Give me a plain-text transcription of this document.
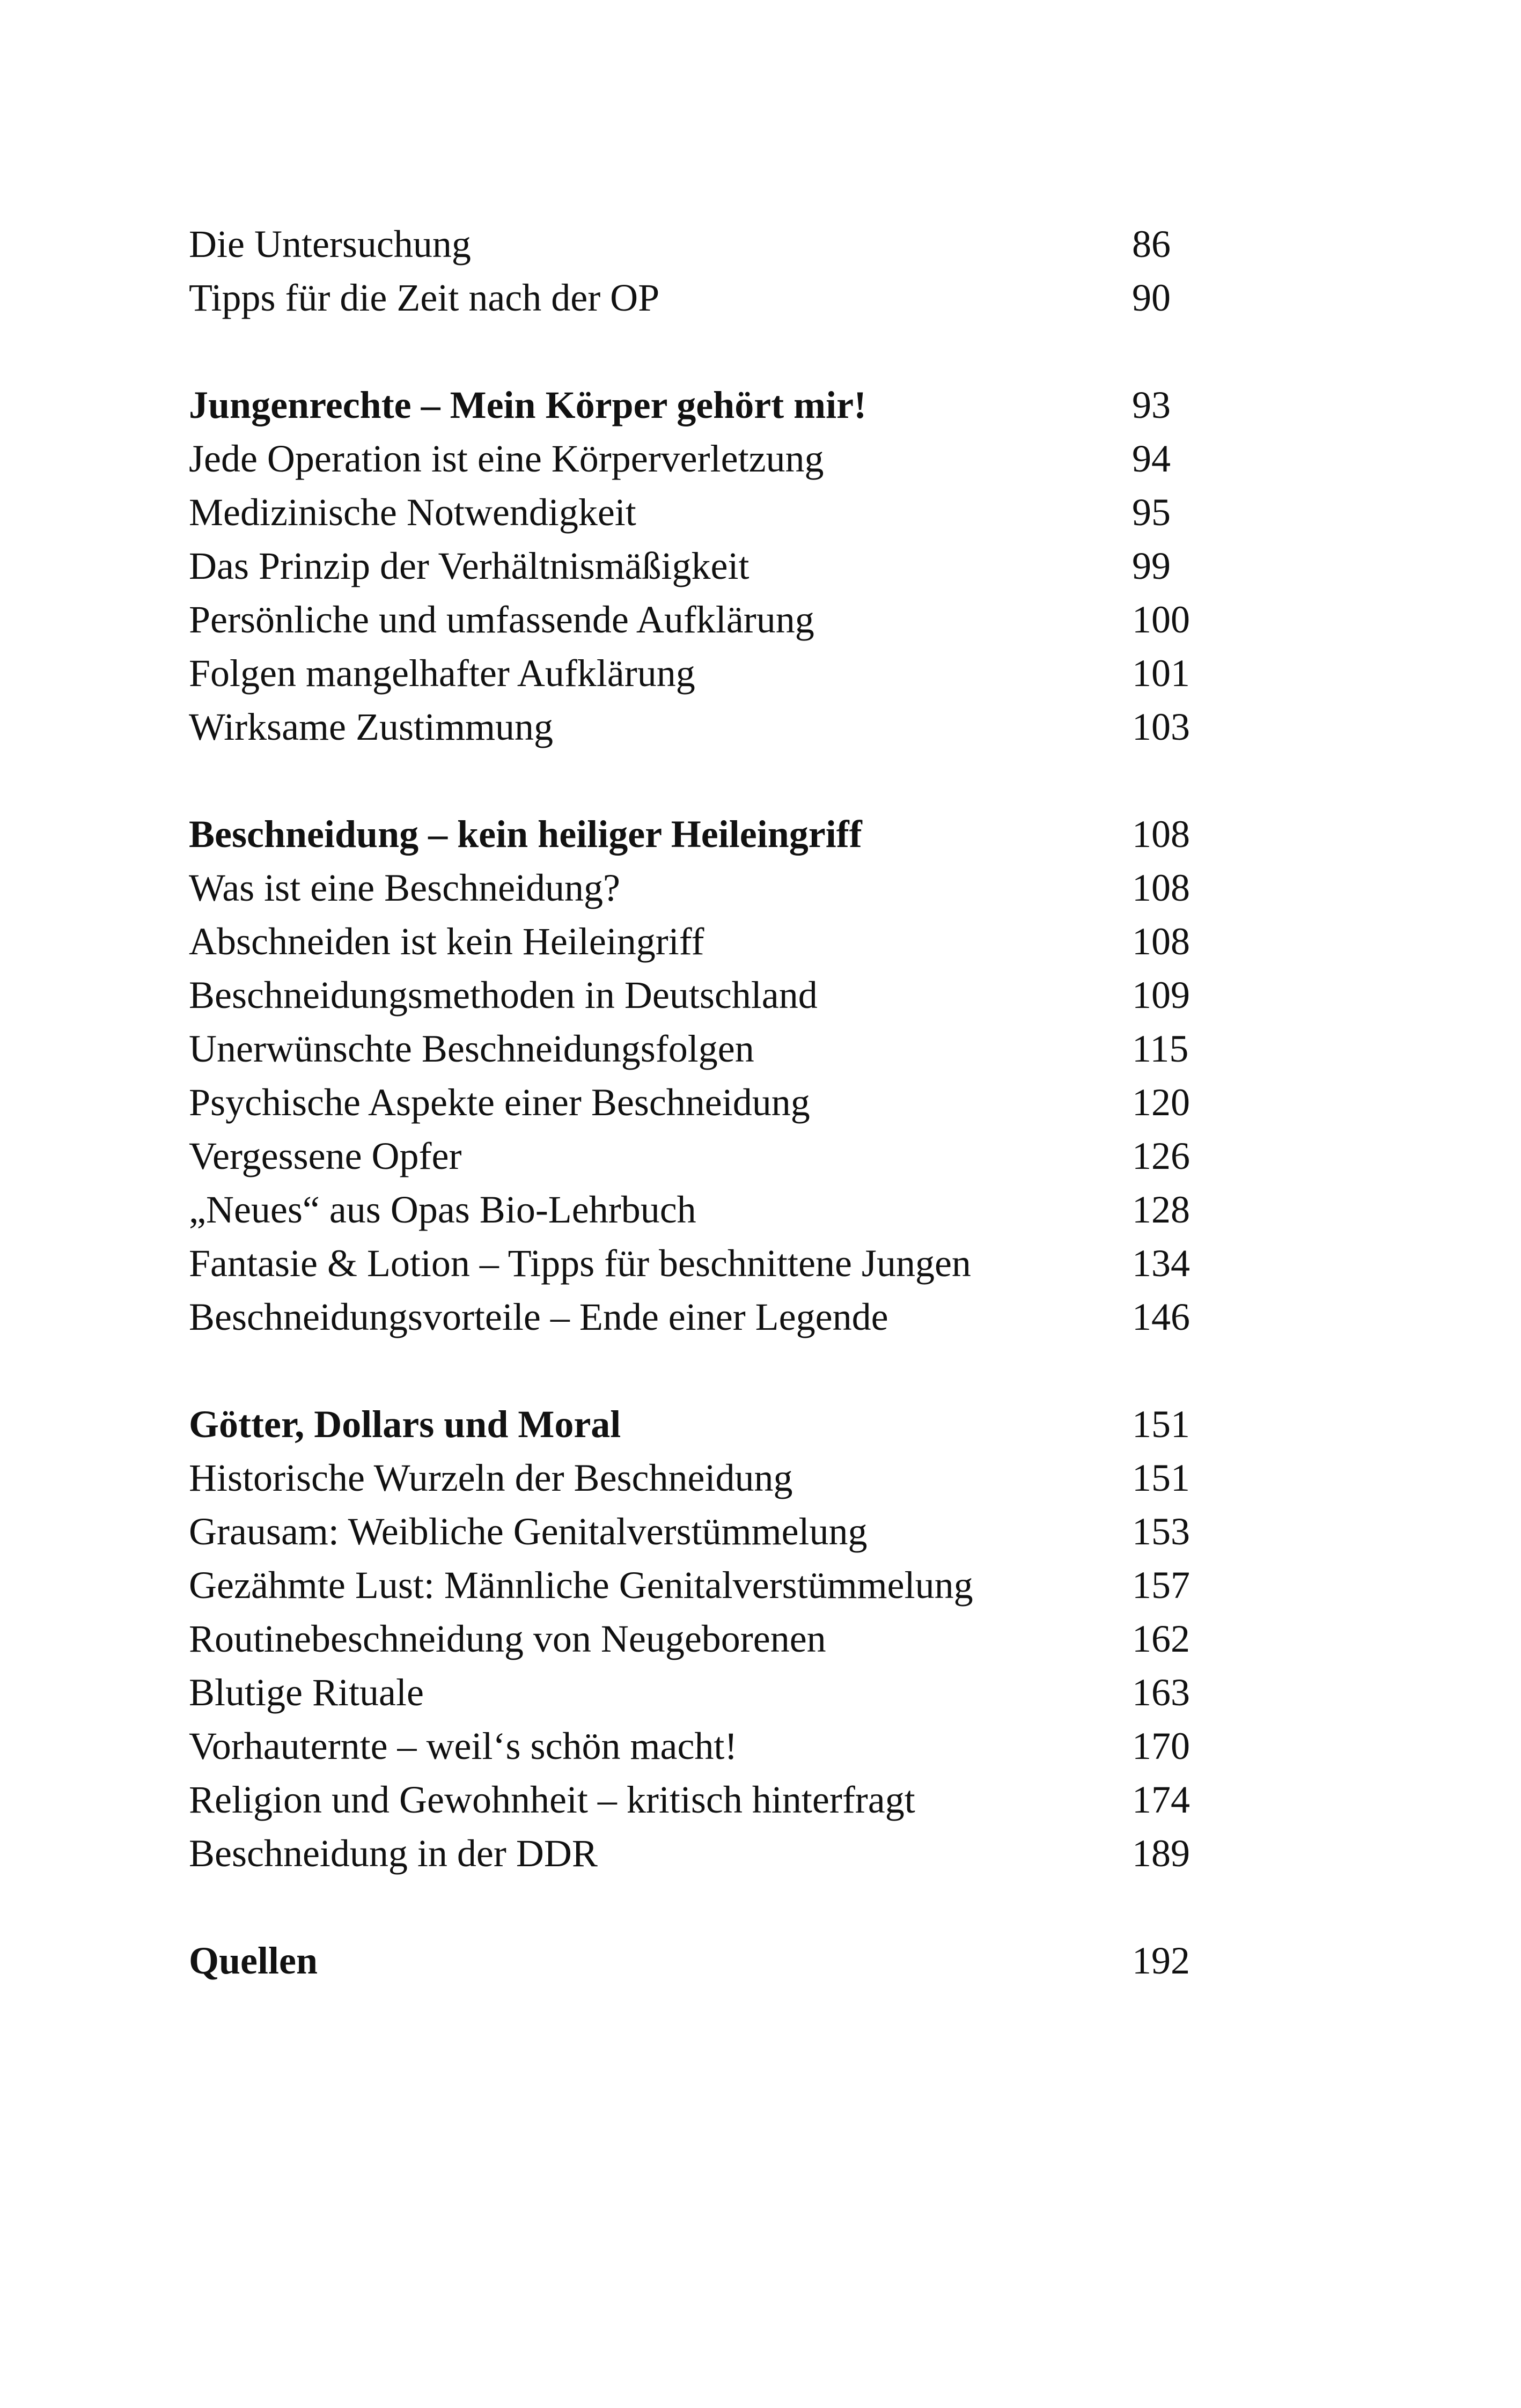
Die Untersuchung	86
Tipps für die Zeit nach der OP	90
Jungenrechte – Mein Körper gehört mir!	93
Jede Operation ist eine Körperverletzung	94
Medizinische Notwendigkeit	95
Das Prinzip der Verhältnismäßigkeit	99
Persönliche und umfassende Aufklärung	100
Folgen mangelhafter Aufklärung	101
Wirksame Zustimmung	103
Beschneidung – kein heiliger Heileingriff	108
Was ist eine Beschneidung?	108
Abschneiden ist kein Heileingriff	108
Beschneidungsmethoden in Deutschland	109
Unerwünschte Beschneidungsfolgen	115
Psychische Aspekte einer Beschneidung	120
Vergessene Opfer	126
„Neues“ aus Opas Bio-Lehrbuch	128
Fantasie & Lotion – Tipps für beschnittene Jungen	134
Beschneidungsvorteile – Ende einer Legende	146
Götter, Dollars und Moral	151
Historische Wurzeln der Beschneidung	151
Grausam: Weibliche Genitalverstümmelung	153
Gezähmte Lust: Männliche Genitalverstümmelung	157
Routinebeschneidung von Neugeborenen	162
Blutige Rituale	163
Vorhauternte – weil‘s schön macht!	170
Religion und Gewohnheit – kritisch hinterfragt	174
Beschneidung in der DDR	189
Quellen	192
